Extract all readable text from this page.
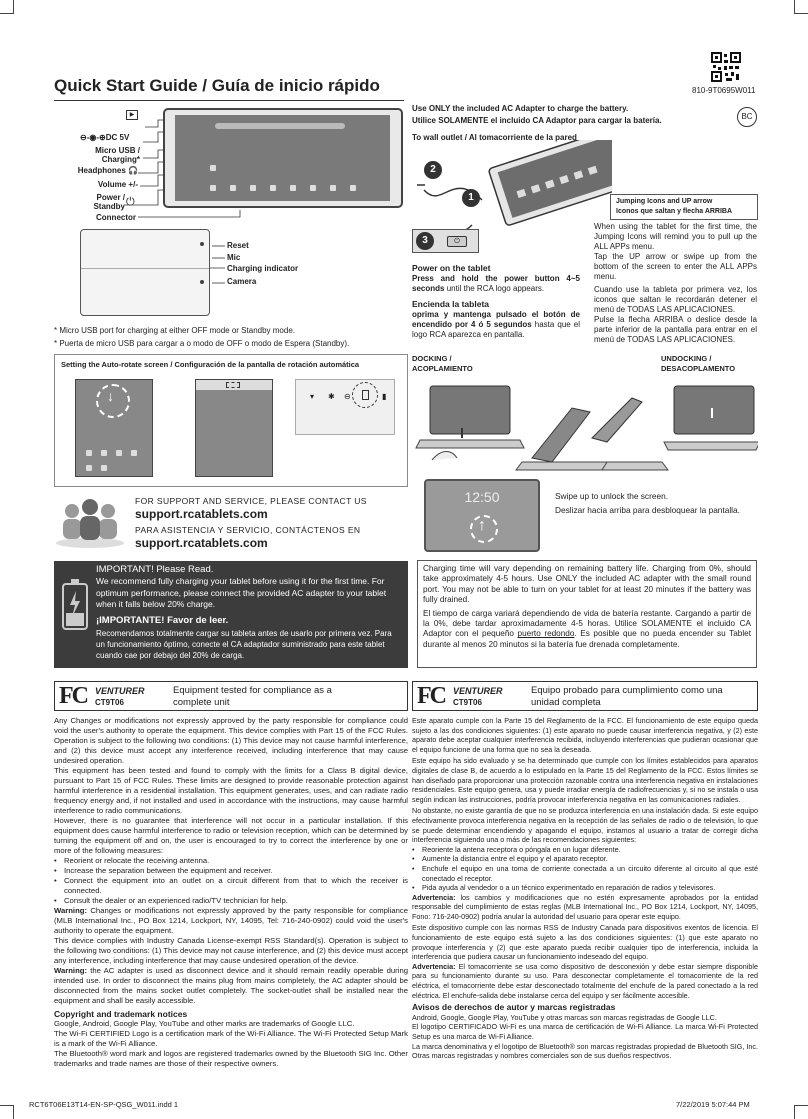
Quick Start Guide / Guía de inicio rápido	810-9T0695W011
BC
▶
⊖-◉-⊕DC 5V
Micro USB / Charging*
Headphones 🎧
Volume +/-
Power / Standby ⏻
Connector
Reset
Mic
Charging indicator
Camera
* Micro USB port for charging at either OFF mode or Standby mode.
* Puerta de micro USB para cargar a o modo de OFF o modo de Espera (Standby).
Use ONLY the included AC Adapter to charge the battery.
Utilice SOLAMENTE el incluido CA Adaptor para cargar la batería.
To wall outlet / Al tomacorriente de la pared
2
1
3	⏻
Power on the tablet
Press and hold the power button 4~5 seconds until the RCA logo appears.
Encienda la tableta
oprima y mantenga pulsado el botón de encendido por 4 ó 5 segundos hasta que el logo RCA aparezca en pantalla.
Jumping Icons and UP arrow
Iconos que saltan y flecha ARRIBA
When using the tablet for the first time, the Jumping Icons will remind you to pull up the ALL APPs menu.
Tap the UP arrow or swipe up from the bottom of the screen to enter the ALL APPs menu.
Cuando use la tableta por primera vez, los iconos que saltan le recordarán detener el menú de TODAS LAS APLICACIONES.
Pulse la flecha ARRIBA o deslice desde la parte inferior de la pantalla para entrar en el menú de TODAS LAS APLICACIONES.
Setting the Auto-rotate screen / Configuración de la pantalla de rotación automática
↓	▾ ✱ ⊖	▮
DOCKING /
ACOPLAMIENTO
UNDOCKING /
DESACOPLAMENTO
FOR SUPPORT AND SERVICE, PLEASE CONTACT US
support.rcatablets.com
PARA ASISTENCIA Y SERVICIO, CONTÁCTENOS EN
support.rcatablets.com
12:50
↑
Swipe up to unlock the screen.
Deslizar hacia arriba para desbloquear la pantalla.
IMPORTANT! Please Read.
We recommend fully charging your tablet before using it for the first time. For optimum performance, please connect the provided AC adapter to your tablet when it falls below 20% charge.
¡IMPORTANTE! Favor de leer.
Recomendamos totalmente cargar su tableta antes de usarlo por primera vez. Para un funcionamiento óptimo, conecte el CA adaptador suministrado para este tablet cuando cae por debajo del 20% de carga.
Charging time will vary depending on remaining battery life. Charging from 0%, should take approximately 4-5 hours. Use ONLY the included AC adapter with the small round port. You may not be able to turn on your tablet for at least 20 minutes if the battery was fully drained.
El tiempo de carga variará dependiendo de vida de batería restante. Cargando a partir de la 0%, debe tardar aproximadamente 4-5 horas. Utilice SOLAMENTE el incluido CA Adaptor con el pequeño puerto redondo. Es posible que no pueda encender su Tablet durante al menos 20 minutos si la batería fue drenada completamente.
FC VENTURER
CT9T06
Equipment tested for compliance as a complete unit
Any Changes or modifications not expressly approved by the party responsible for compliance could void the user's authority to operate the equipment. This device complies with Part 15 of the FCC Rules. Operation is subject to the following two conditions: (1) This device may not cause harmful interference, and (2) this device must accept any interference received, including interference that may cause undesired operation.
This equipment has been tested and found to comply with the limits for a Class B digital device, pursuant to Part 15 of FCC Rules. These limits are designed to provide reasonable protection against harmful interference in a residential installation. This equipment generates, uses, and can radiate radio frequency energy and, if not installed and used in accordance with the instructions, may cause harmful interference to radio communications.
However, there is no guarantee that interference will not occur in a particular installation. If this equipment does cause harmful interference to radio or television reception, which can be determined by turning the equipment off and on, the user is encouraged to try to correct the interference by one or more of the following measures:
• Reorient or relocate the receiving antenna.
• Increase the separation between the equipment and receiver.
• Connect the equipment into an outlet on a circuit different from that to which the receiver is connected.
• Consult the dealer or an experienced radio/TV technician for help.
Warning: Changes or modifications not expressly approved by the party responsible for compliance (MLB International Inc., PO Box 1214, Lockport, NY, 14095, Tel: 716-240-0902) could void the user's authority to operate the equipment.
This device complies with Industry Canada License-exempt RSS Standard(s). Operation is subject to the following two conditions: (1) This device may not cause interference, and (2) this device must accept any interference, including interference that may cause undesired operation of the device.
Warning: the AC adapter is used as disconnect device and it should remain readily operable during intended use. In order to disconnect the mains plug from mains completely, the AC adapter should be disconnected from the mains socket outlet completely. The socket-outlet shall be installed near the equipment and shall be easily accessible.
Copyright and trademark notices
Google, Android, Google Play, YouTube and other marks are trademarks of Google LLC.
The Wi-Fi CERTIFIED Logo is a certification mark of the Wi-Fi Alliance. The Wi-Fi Protected Setup Mark is a mark of the Wi-Fi Alliance.
The Bluetooth® word mark and logos are registered trademarks owned by the Bluetooth SIG Inc. Other trademarks and trade names are those of their respective owners.
FC VENTURER
CT9T06
Equipo probado para cumplimiento como una unidad completa
Este aparato cumple con la Parte 15 del Reglamento de la FCC. El funcionamiento de este equipo queda sujeto a las dos condiciones siguientes: (1) este aparato no puede causar interferencia negativa, y (2) este aparato debe aceptar cualquier interferencia recibida, incluyendo interferencias que pudieran ocasionar que el equipo funcione de una forma que no sea la deseada.
Este equipo ha sido evaluado y se ha determinado que cumple con los límites establecidos para aparatos digitales de clase B, de acuerdo a lo estipulado en la Parte 15 del Reglamento de la FCC. Estos límites se han diseñado para proporcionar una protección razonable contra una interferencia negativa en instalaciones residenciales. Este equipo genera, usa y puede irradiar energía de radiofrecuencias y, si no se instala o usa según indican las instrucciones, podría provocar interferencia negativa en las comunicaciones radiales.
No obstante, no existe garantía de que no se produzca interferencia en una instalación dada. Si este equipo efectivamente provoca interferencia negativa en la recepción de las señales de radio o de televisión, lo que se puede determinar encendiendo y apagando el equipo, instamos al usuario a tratar de corregir dicha interferencia siguiendo una o más de las recomendaciones siguientes:
• Reoriente la antena receptora o póngala en un lugar diferente.
• Aumente la distancia entre el equipo y el aparato receptor.
• Enchufe el equipo en una toma de corriente conectada a un circuito diferente al circuito al que esté conectado el receptor.
• Pida ayuda al vendedor o a un técnico experimentado en reparación de radios y televisores.
Advertencia: los cambios y modificaciones que no estén expresamente aprobados por la entidad responsable del cumplimiento de estas reglas (MLB International Inc., PO Box 1214, Lockport, NY, 14095, Fono: 716-240-0902) podría anular la autoridad del usuario para operar este equipo.
Este dispositivo cumple con las normas RSS de Industry Canada para dispositivos exentos de licencia. El funcionamiento de este equipo está sujeto a las dos condiciones siguientes: (1) que este aparato no provoque interferencia y (2) que este aparato pueda recibir cualquier tipo de interferencia, incluida la interferencia que pudiera causar un funcionamiento indeseado del equipo.
Advertencia: El tomacorriente se usa como dispositivo de desconexión y debe estar siempre disponible para su funcionamiento durante su uso. Para desconectar completamente el tomacorriente de la red eléctrica, el tomacorriente debe estar desconectado totalmente del enchufe de la pared conectado a la red eléctrica. El enchufe-salida debe instalarse cerca del equipo y ser fácilmente accesible.
Avisos de derechos de autor y marcas registradas
Android, Google, Google Play, YouTube y otras marcas son marcas registradas de Google LLC.
El logotipo CERTIFICADO Wi-Fi es una marca de certificación de Wi-Fi Alliance. La marca Wi-Fi Protected Setup es una marca de Wi-Fi Alliance.
La marca denominativa y el logotipo de Bluetooth® son marcas registradas propiedad de Bluetooth SIG, Inc. Otras marcas registradas y nombres comerciales son de sus dueños respectivos.
RCT6T06E13T14-EN-SP-QSG_W011.indd 1	7/22/2019 5:07:44 PM
